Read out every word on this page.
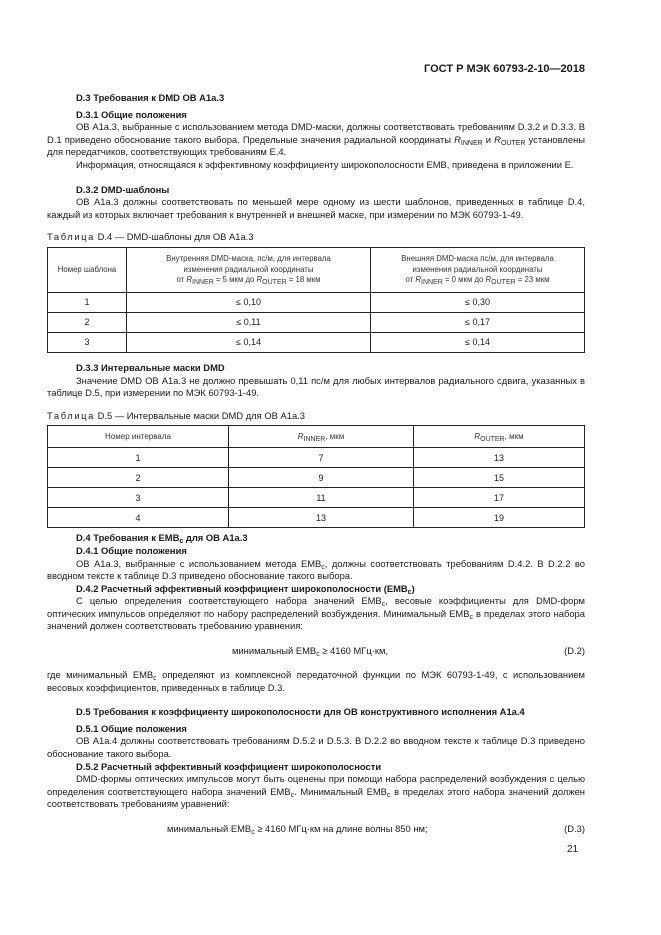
ГОСТ Р МЭК 60793-2-10—2018

D.3 Требования к DMD ОВ А1а.3

D.3.1 Общие положения

ОВ А1а.3, выбранные с использованием метода DMD-маски, должны соответствовать требованиям D.3.2 и D.3.3. В D.1 приведено обоснование такого выбора. Предельные значения радиальной координаты $R_{INNER}$ и $R_{OUTER}$ установлены для передатчиков, соответствующих требованиям Е.4.

Информация, относящаяся к эффективному коэффициенту широкополосности EMB, приведена в приложении Е.

D.3.2 DMD-шаблоны

ОВ А1а.3 должны соответствовать по меньшей мере одному из шести шаблонов, приведенных в таблице D.4, каждый из которых включает требования к внутренней и внешней маске, при измерении по МЭК 60793-1-49.

Таблица D.4 — DMD-шаблоны для ОВ А1а.3

Номер шаблона	Внутренняя DMD-маска, пс/м, для интервала
изменения радиальной координаты
от $R_{INNER} = 5$ мкм до $R_{OUTER} = 18$ мкм	Внешняя DMD-маска пс/м, для интервала
изменения радиальной координаты
от $R_{INNER} = 0$ мкм до $R_{OUTER} = 23$ мкм
1	≤ 0,10	≤ 0,30
2	≤ 0,11	≤ 0,17
3	≤ 0,14	≤ 0,14

D.3.3 Интервальные маски DMD

Значение DMD ОВ А1а.3 не должно превышать 0,11 пс/м для любых интервалов радиального сдвига, указанных в таблице D.5, при измерении по МЭК 60793-1-49.

Таблица D.5 — Интервальные маски DMD для ОВ А1а.3

Номер интервала	$R_{INNER}$, мкм	$R_{OUTER}$, мкм
1	7	13
2	9	15
3	11	17
4	13	19

D.4 Требования к $EMB_c$ для ОВ А1а.3

D.4.1 Общие положения

ОВ А1а.3, выбранные с использованием метода $EMB_c$, должны соответствовать требованиям D.4.2. В D.2.2 во вводном тексте к таблице D.3 приведено обоснование такого выбора.

D.4.2 Расчетный эффективный коэффициент широкополосности $(EMB_c)$

С целью определения соответствующего набора значений $EMB_c$, весовые коэффициенты для DMD-форм оптических импульсов определяют по набору распределений возбуждения. Минимальный $EMB_c$ в пределах этого набора значений должен соответствовать требованию уравнения:

минимальный $EMB_c \ge 4160$ МГц·км,	(D.2)

где минимальный $EMB_c$ определяют из комплексной передаточной функции по МЭК 60793-1-49, с использованием весовых коэффициентов, приведенных в таблице D.3.

D.5 Требования к коэффициенту широкополосности для ОВ конструктивного исполнения А1а.4

D.5.1 Общие положения

ОВ А1а.4 должны соответствовать требованиям D.5.2 и D.5.3. В D.2.2 во вводном тексте к таблице D.3 приведено обоснование такого выбора.

D.5.2 Расчетный эффективный коэффициент широкополосности

DMD-формы оптических импульсов могут быть оценены при помощи набора распределений возбуждения с целью определения соответствующего набора значений $EMB_c$. Минимальный $EMB_c$ в пределах этого набора значений должен соответствовать требованиям уравнений:

минимальный $EMB_c \ge 4160$ МГц·км на длине волны 850 нм;	(D.3)
21
